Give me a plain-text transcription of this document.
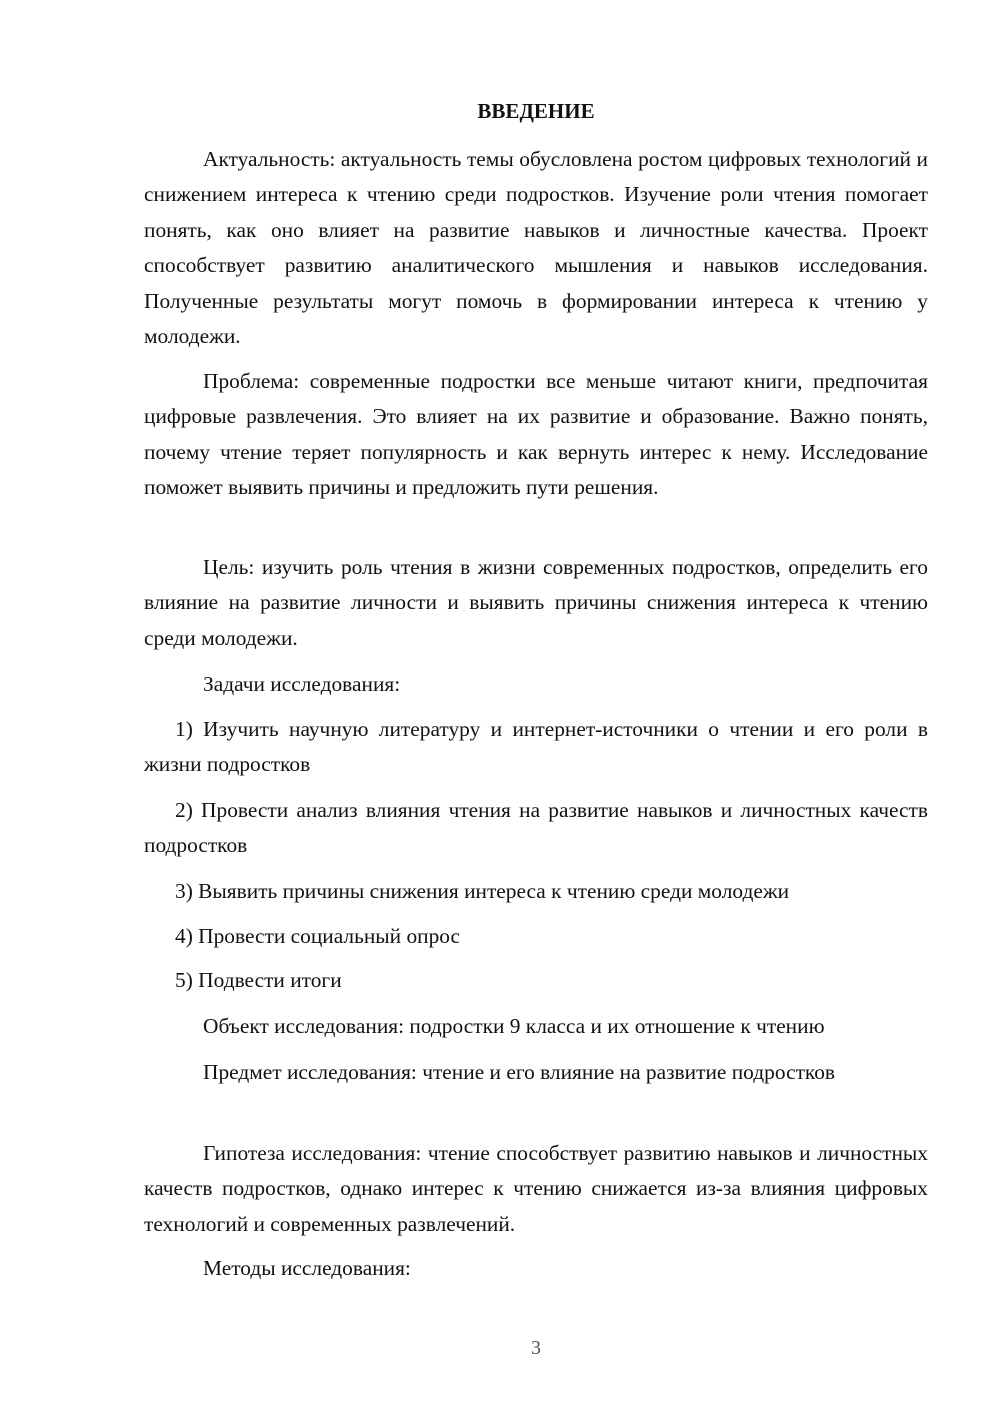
ВВЕДЕНИЕ

Актуальность: актуальность темы обусловлена ростом цифровых технологий и снижением интереса к чтению среди подростков. Изучение роли чтения помогает понять, как оно влияет на развитие навыков и личностные качества. Проект способствует развитию аналитического мышления и навыков исследования. Полученные результаты могут помочь в формировании интереса к чтению у молодежи.

Проблема: современные подростки все меньше читают книги, предпочитая цифровые развлечения. Это влияет на их развитие и образование. Важно понять, почему чтение теряет популярность и как вернуть интерес к нему. Исследование поможет выявить причины и предложить пути решения.

Цель: изучить роль чтения в жизни современных подростков, определить его влияние на развитие личности и выявить причины снижения интереса к чтению среди молодежи.

Задачи исследования:

1) Изучить научную литературу и интернет-источники о чтении и его роли в жизни подростков

2) Провести анализ влияния чтения на развитие навыков и личностных качеств подростков

3) Выявить причины снижения интереса к чтению среди молодежи

4) Провести социальный опрос

5) Подвести итоги

Объект исследования: подростки 9 класса и их отношение к чтению

Предмет исследования: чтение и его влияние на развитие подростков

Гипотеза исследования: чтение способствует развитию навыков и личностных качеств подростков, однако интерес к чтению снижается из-за влияния цифровых технологий и современных развлечений.

Методы исследования:

3
